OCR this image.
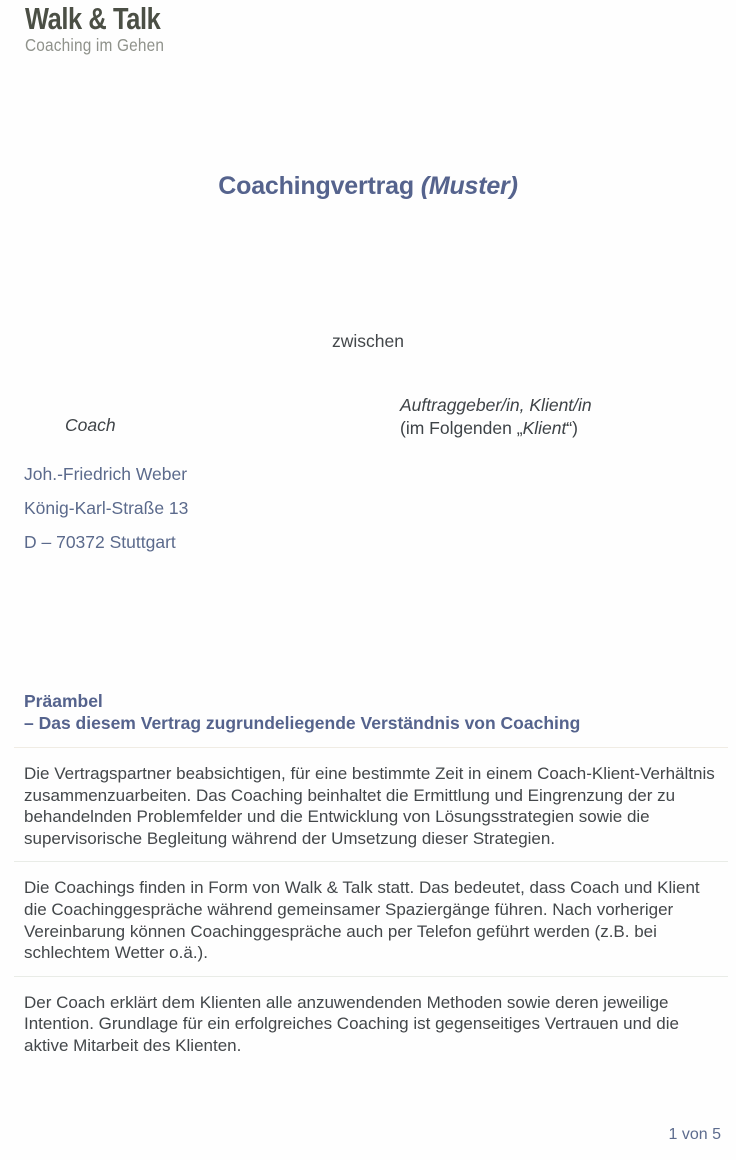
Walk & Talk
Coaching im Gehen
Coachingvertrag (Muster)
zwischen
Coach
Auftraggeber/in, Klient/in
(im Folgenden „Klient“)
Joh.-Friedrich Weber
König-Karl-Straße 13
D – 70372 Stuttgart
Präambel
– Das diesem Vertrag zugrundeliegende Verständnis von Coaching
Die Vertragspartner beabsichtigen, für eine bestimmte Zeit in einem Coach-Klient-Verhältnis zusammenzuarbeiten. Das Coaching beinhaltet die Ermittlung und Eingrenzung der zu behandelnden Problemfelder und die Entwicklung von Lösungsstrategien sowie die supervisorische Begleitung während der Umsetzung dieser Strategien.
Die Coachings finden in Form von Walk & Talk statt. Das bedeutet, dass Coach und Klient die Coachinggespräche während gemeinsamer Spaziergänge führen. Nach vorheriger Vereinbarung können Coachinggespräche auch per Telefon geführt werden (z.B. bei schlechtem Wetter o.ä.).
Der Coach erklärt dem Klienten alle anzuwendenden Methoden sowie deren jeweilige Intention. Grundlage für ein erfolgreiches Coaching ist gegenseitiges Vertrauen und die aktive Mitarbeit des Klienten.
1 von 5
